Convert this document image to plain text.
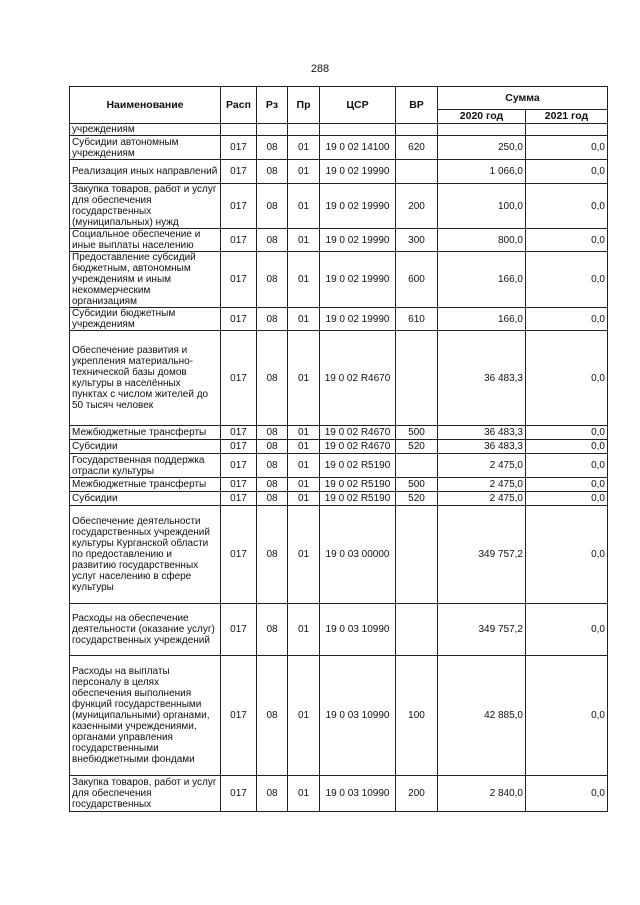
288
Наименование	Расп	Рз	Пр	ЦСР	ВР	Сумма	
						2020 год	2021 год
учреждениям							
Субсидии автономным учреждениям	017	08	01	19 0 02 14100	620	250,0	0,0
Реализация иных направлений	017	08	01	19 0 02 19990		1 066,0	0,0
Закупка товаров, работ и услуг для обеспечения государственных (муниципальных) нужд	017	08	01	19 0 02 19990	200	100,0	0,0
Социальное обеспечение и иные выплаты населению	017	08	01	19 0 02 19990	300	800,0	0,0
Предоставление субсидий бюджетным, автономным учреждениям и иным некоммерческим организациям	017	08	01	19 0 02 19990	600	166,0	0,0
Субсидии бюджетным учреждениям	017	08	01	19 0 02 19990	610	166,0	0,0
Обеспечение развития и укрепления материально-технической базы домов культуры в населённых пунктах с числом жителей до 50 тысяч человек	017	08	01	19 0 02 R4670		36 483,3	0,0
Межбюджетные трансферты	017	08	01	19 0 02 R4670	500	36 483,3	0,0
Субсидии	017	08	01	19 0 02 R4670	520	36 483,3	0,0
Государственная поддержка отрасли культуры	017	08	01	19 0 02 R5190		2 475,0	0,0
Межбюджетные трансферты	017	08	01	19 0 02 R5190	500	2 475,0	0,0
Субсидии	017	08	01	19 0 02 R5190	520	2 475,0	0,0
Обеспечение деятельности государственных учреждений культуры Курганской области по предоставлению и развитию государственных услуг населению в сфере культуры	017	08	01	19 0 03 00000		349 757,2	0,0
Расходы на обеспечение деятельности (оказание услуг) государственных учреждений	017	08	01	19 0 03 10990		349 757,2	0,0
Расходы на выплаты персоналу в целях обеспечения выполнения функций государственными (муниципальными) органами, казенными учреждениями, органами управления государственными внебюджетными фондами	017	08	01	19 0 03 10990	100	42 885,0	0,0
Закупка товаров, работ и услуг для обеспечения государственных	017	08	01	19 0 03 10990	200	2 840,0	0,0
